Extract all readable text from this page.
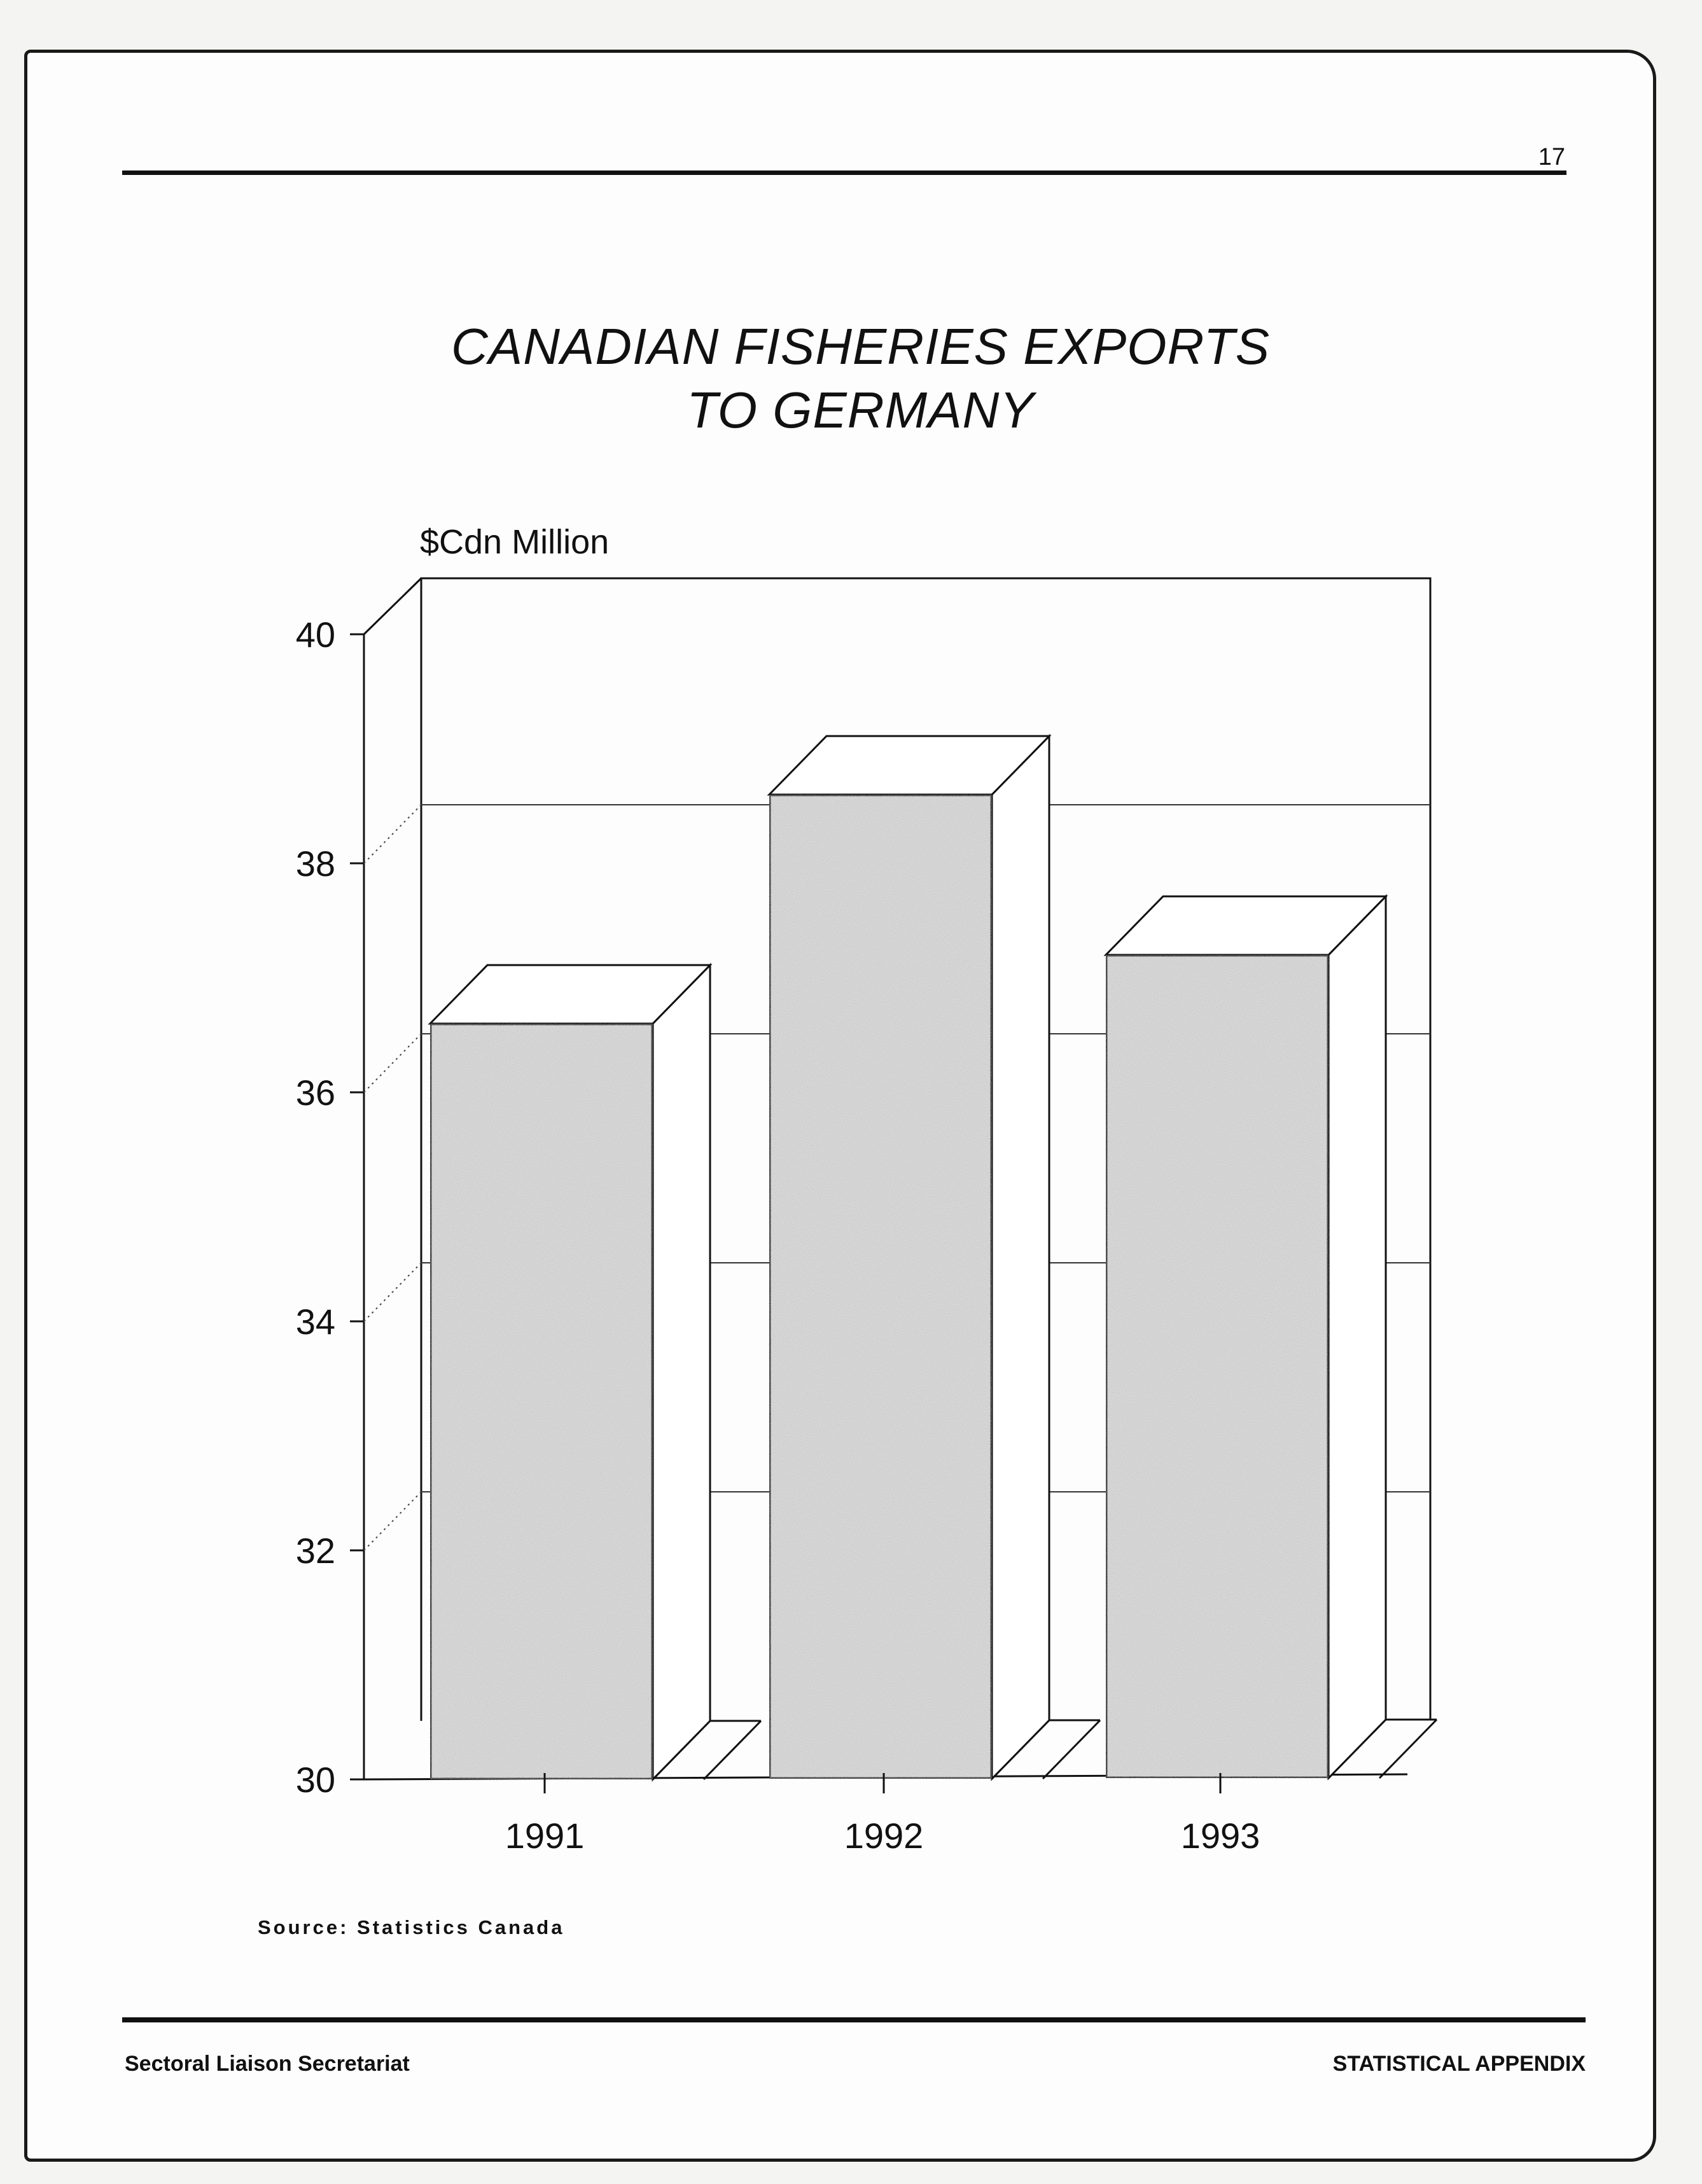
17
CANADIAN FISHERIES EXPORTS
TO GERMANY
30
32
34
36
38
40
$Cdn Million
1991	1992	1993
Source: Statistics Canada
Sectoral Liaison Secretariat	STATISTICAL APPENDIX
